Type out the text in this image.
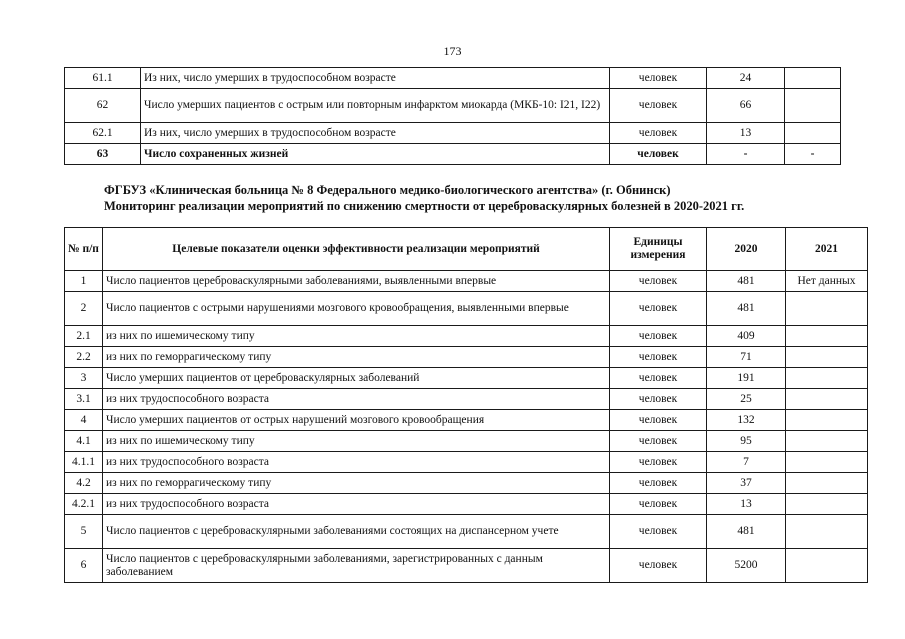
173
61.1	Из них, число умерших в трудоспособном возрасте	человек	24	
62	Число умерших пациентов с острым или повторным инфарктом миокарда (МКБ-10: I21, I22)	человек	66	
62.1	Из них, число умерших в трудоспособном возрасте	человек	13	
63	Число сохраненных жизней	человек	-	-
ФГБУЗ «Клиническая больница № 8 Федерального медико-биологического агентства» (г. Обнинск)
Мониторинг реализации мероприятий по снижению смертности от цереброваскулярных болезней в 2020-2021 гг.
№ п/п	Целевые показатели оценки эффективности реализации мероприятий	Единицы измерения	2020	2021
1	Число пациентов цереброваскулярными заболеваниями, выявленными впервые	человек	481	Нет данных
2	Число пациентов с острыми нарушениями мозгового кровообращения, выявленными впервые	человек	481	
2.1	из них по ишемическому типу	человек	409	
2.2	из них по геморрагическому типу	человек	71	
3	Число умерших пациентов от цереброваскулярных заболеваний	человек	191	
3.1	из них трудоспособного возраста	человек	25	
4	Число умерших пациентов от острых нарушений мозгового кровообращения	человек	132	
4.1	из них по ишемическому типу	человек	95	
4.1.1	из них трудоспособного возраста	человек	7	
4.2	из них по геморрагическому типу	человек	37	
4.2.1	из них трудоспособного возраста	человек	13	
5	Число пациентов с цереброваскулярными заболеваниями состоящих на диспансерном учете	человек	481	
6	Число пациентов с цереброваскулярными заболеваниями, зарегистрированных с данным заболеванием	человек	5200	
